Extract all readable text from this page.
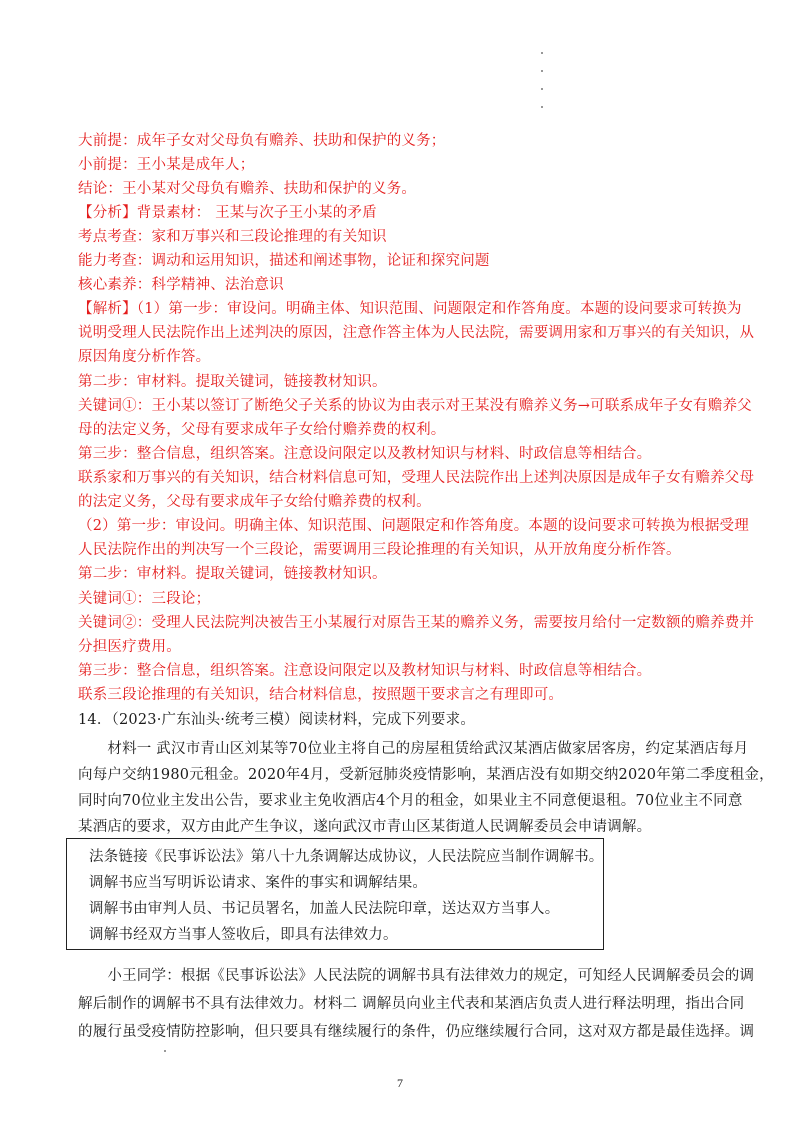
大前提：成年子女对父母负有赡养、扶助和保护的义务；
小前提：王小某是成年人；
结论：王小某对父母负有赡养、扶助和保护的义务。
【分析】背景素材： 王某与次子王小某的矛盾
考点考查：家和万事兴和三段论推理的有关知识
能力考查：调动和运用知识，描述和阐述事物，论证和探究问题
核心素养：科学精神、法治意识
【解析】（1）第一步：审设问。明确主体、知识范围、问题限定和作答角度。本题的设问要求可转换为
说明受理人民法院作出上述判决的原因，注意作答主体为人民法院，需要调用家和万事兴的有关知识，从
原因角度分析作答。
第二步：审材料。提取关键词，链接教材知识。
关键词①：王小某以签订了断绝父子关系的协议为由表示对王某没有赡养义务→可联系成年子女有赡养父
母的法定义务，父母有要求成年子女给付赡养费的权利。
第三步：整合信息，组织答案。注意设问限定以及教材知识与材料、时政信息等相结合。
联系家和万事兴的有关知识，结合材料信息可知，受理人民法院作出上述判决原因是成年子女有赡养父母
的法定义务，父母有要求成年子女给付赡养费的权利。
（2）第一步：审设问。明确主体、知识范围、问题限定和作答角度。本题的设问要求可转换为根据受理
人民法院作出的判决写一个三段论，需要调用三段论推理的有关知识，从开放角度分析作答。
第二步：审材料。提取关键词，链接教材知识。
关键词①：三段论；
关键词②：受理人民法院判决被告王小某履行对原告王某的赡养义务，需要按月给付一定数额的赡养费并
分担医疗费用。
第三步：整合信息，组织答案。注意设问限定以及教材知识与材料、时政信息等相结合。
联系三段论推理的有关知识，结合材料信息，按照题干要求言之有理即可。
14．（2023·广东汕头·统考三模）阅读材料，完成下列要求。
　　材料一 武汉市青山区刘某等70位业主将自己的房屋租赁给武汉某酒店做家居客房，约定某酒店每月
向每户交纳1980元租金。2020年4月，受新冠肺炎疫情影响，某酒店没有如期交纳2020年第二季度租金，
同时向70位业主发出公告，要求业主免收酒店4个月的租金，如果业主不同意便退租。70位业主不同意
某酒店的要求，双方由此产生争议，遂向武汉市青山区某街道人民调解委员会申请调解。
法条链接《民事诉讼法》第八十九条调解达成协议，人民法院应当制作调解书。
调解书应当写明诉讼请求、案件的事实和调解结果。
调解书由审判人员、书记员署名，加盖人民法院印章，送达双方当事人。
调解书经双方当事人签收后，即具有法律效力。
　　小王同学：根据《民事诉讼法》人民法院的调解书具有法律效力的规定，可知经人民调解委员会的调
解后制作的调解书不具有法律效力。材料二 调解员向业主代表和某酒店负责人进行释法明理，指出合同
的履行虽受疫情防控影响，但只要具有继续履行的条件，仍应继续履行合同，这对双方都是最佳选择。调
7
